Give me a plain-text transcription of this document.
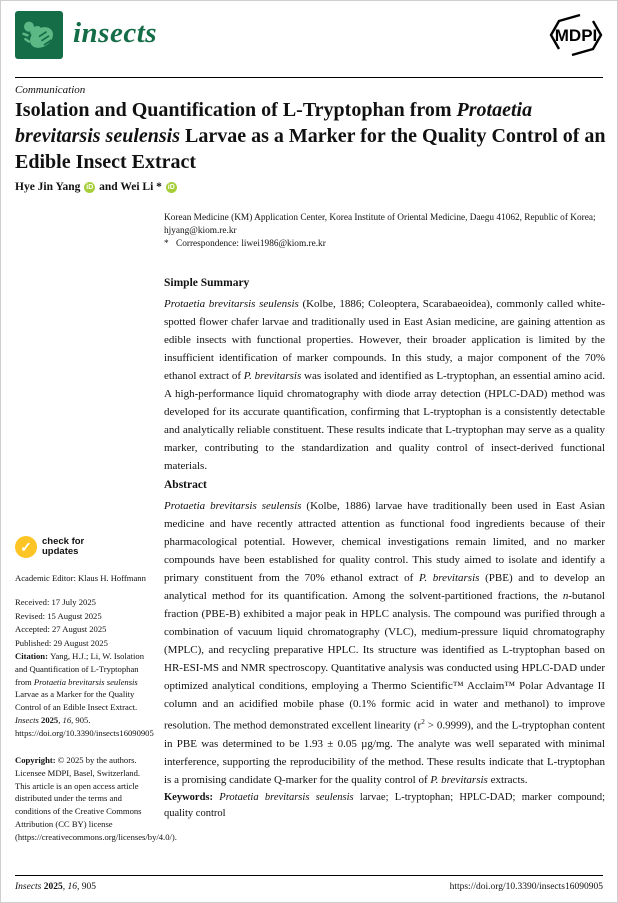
insects	MDPI
Communication
Isolation and Quantification of L-Tryptophan from Protaetia brevitarsis seulensis Larvae as a Marker for the Quality Control of an Edible Insect Extract
Hye Jin Yang iD and Wei Li * iD
Korean Medicine (KM) Application Center, Korea Institute of Oriental Medicine, Daegu 41062, Republic of Korea; hjyang@kiom.re.kr
* Correspondence: liwei1986@kiom.re.kr
Simple Summary
Protaetia brevitarsis seulensis (Kolbe, 1886; Coleoptera, Scarabaeoidea), commonly called white-spotted flower chafer larvae and traditionally used in East Asian medicine, are gaining attention as edible insects with functional properties. However, their broader application is limited by the insufficient identification of marker compounds. In this study, a major component of the 70% ethanol extract of P. brevitarsis was isolated and identified as L-tryptophan, an essential amino acid. A high-performance liquid chromatography with diode array detection (HPLC-DAD) method was developed for its accurate quantification, confirming that L-tryptophan is a consistently detectable and analytically reliable constituent. These results indicate that L-tryptophan may serve as a quality marker, contributing to the standardization and quality control of insect-derived functional materials.
Abstract
Protaetia brevitarsis seulensis (Kolbe, 1886) larvae have traditionally been used in East Asian medicine and have recently attracted attention as functional food ingredients because of their pharmacological potential. However, chemical investigations remain limited, and no marker compounds have been established for quality control. This study aimed to isolate and identify a primary constituent from the 70% ethanol extract of P. brevitarsis (PBE) and to develop an analytical method for its quantification. Among the solvent-partitioned fractions, the n-butanol fraction (PBE-B) exhibited a major peak in HPLC analysis. The compound was purified through a combination of vacuum liquid chromatography (VLC), medium-pressure liquid chromatography (MPLC), and recycling preparative HPLC. Its structure was identified as L-tryptophan based on HR-ESI-MS and NMR spectroscopy. Quantitative analysis was conducted using HPLC-DAD under optimized analytical conditions, employing a Thermo Scientific™ Acclaim™ Polar Advantage II column and an acidified mobile phase (0.1% formic acid in water and methanol) to improve resolution. The method demonstrated excellent linearity $(r^2 > 0.9999)$, and the L-tryptophan content in PBE was determined to be 1.93 ± 0.05 µg/mg. The analyte was well separated with minimal interference, supporting the reproducibility of the method. These results indicate that L-tryptophan is a promising candidate Q-marker for the quality control of P. brevitarsis extracts.
Keywords: Protaetia brevitarsis seulensis larvae; L-tryptophan; HPLC-DAD; marker compound; quality control
✓	check for
updates
Academic Editor: Klaus H. Hoffmann
Received: 17 July 2025
Revised: 15 August 2025
Accepted: 27 August 2025
Published: 29 August 2025
Citation: Yang, H.J.; Li, W. Isolation and Quantification of L-Tryptophan from Protaetia brevitarsis seulensis Larvae as a Marker for the Quality Control of an Edible Insect Extract. Insects 2025, 16, 905. https://doi.org/10.3390/insects16090905
Copyright: © 2025 by the authors. Licensee MDPI, Basel, Switzerland. This article is an open access article distributed under the terms and conditions of the Creative Commons Attribution (CC BY) license (https://creativecommons.org/licenses/by/4.0/).
Insects 2025, 16, 905	https://doi.org/10.3390/insects16090905
